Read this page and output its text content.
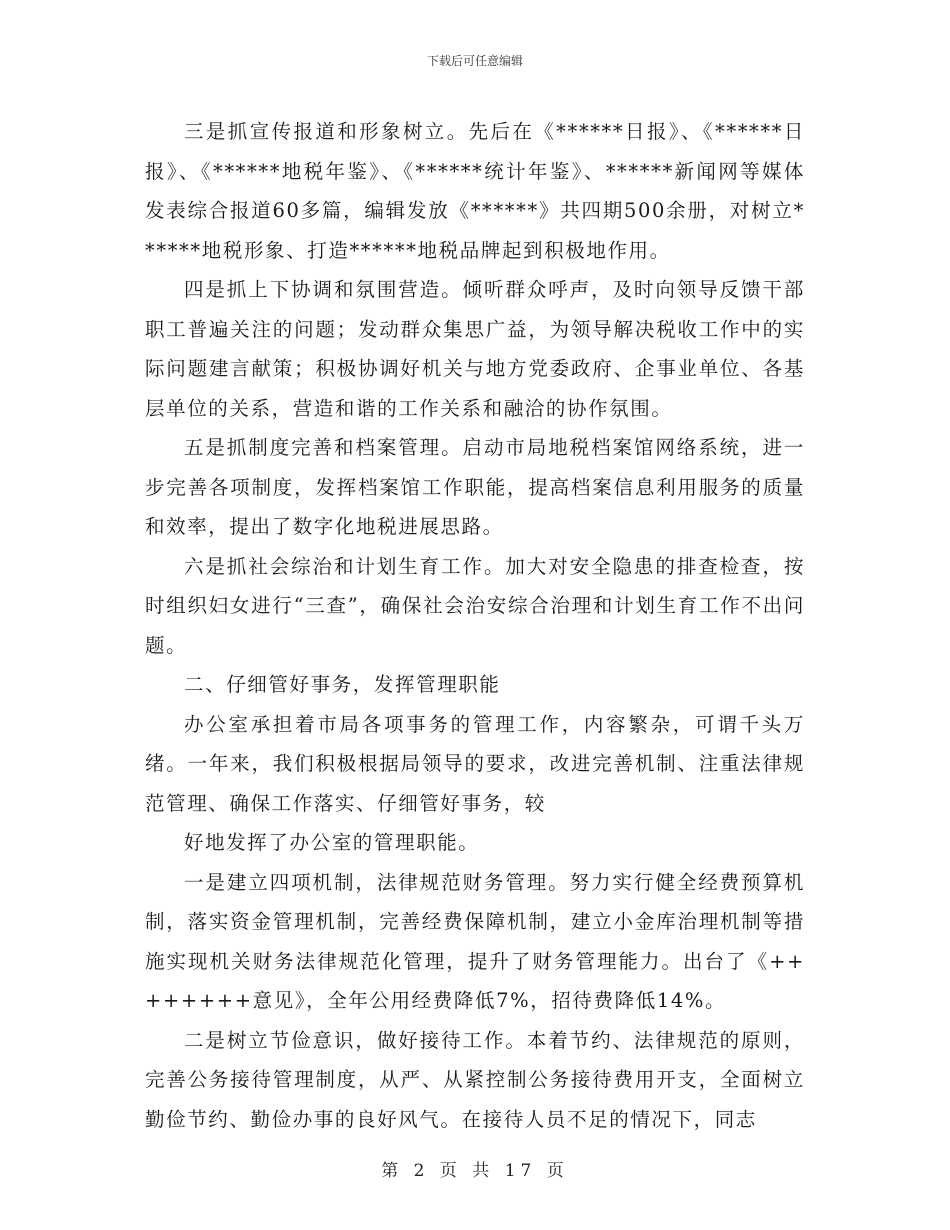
下载后可任意编辑

三是抓宣传报道和形象树立。先后在《******日报》、《******日报》、《******地税年鉴》、《******统计年鉴》、******新闻网等媒体发表综合报道60多篇，编辑发放《******》共四期500余册，对树立******地税形象、打造******地税品牌起到积极地作用。

四是抓上下协调和氛围营造。倾听群众呼声，及时向领导反馈干部职工普遍关注的问题；发动群众集思广益，为领导解决税收工作中的实际问题建言献策；积极协调好机关与地方党委政府、企事业单位、各基层单位的关系，营造和谐的工作关系和融洽的协作氛围。

五是抓制度完善和档案管理。启动市局地税档案馆网络系统，进一步完善各项制度，发挥档案馆工作职能，提高档案信息利用服务的质量和效率，提出了数字化地税进展思路。

六是抓社会综治和计划生育工作。加大对安全隐患的排查检查，按时组织妇女进行“三查”，确保社会治安综合治理和计划生育工作不出问题。

二、仔细管好事务，发挥管理职能

办公室承担着市局各项事务的管理工作，内容繁杂，可谓千头万绪。一年来，我们积极根据局领导的要求，改进完善机制、注重法律规范管理、确保工作落实、仔细管好事务，较

好地发挥了办公室的管理职能。

一是建立四项机制，法律规范财务管理。努力实行健全经费预算机制，落实资金管理机制，完善经费保障机制，建立小金库治理机制等措施实现机关财务法律规范化管理，提升了财务管理能力。出台了《++++++++意见》，全年公用经费降低7%，招待费降低14%。

二是树立节俭意识，做好接待工作。本着节约、法律规范的原则，完善公务接待管理制度，从严、从紧控制公务接待费用开支，全面树立勤俭节约、勤俭办事的良好风气。在接待人员不足的情况下，同志

第 2 页 共 17 页
